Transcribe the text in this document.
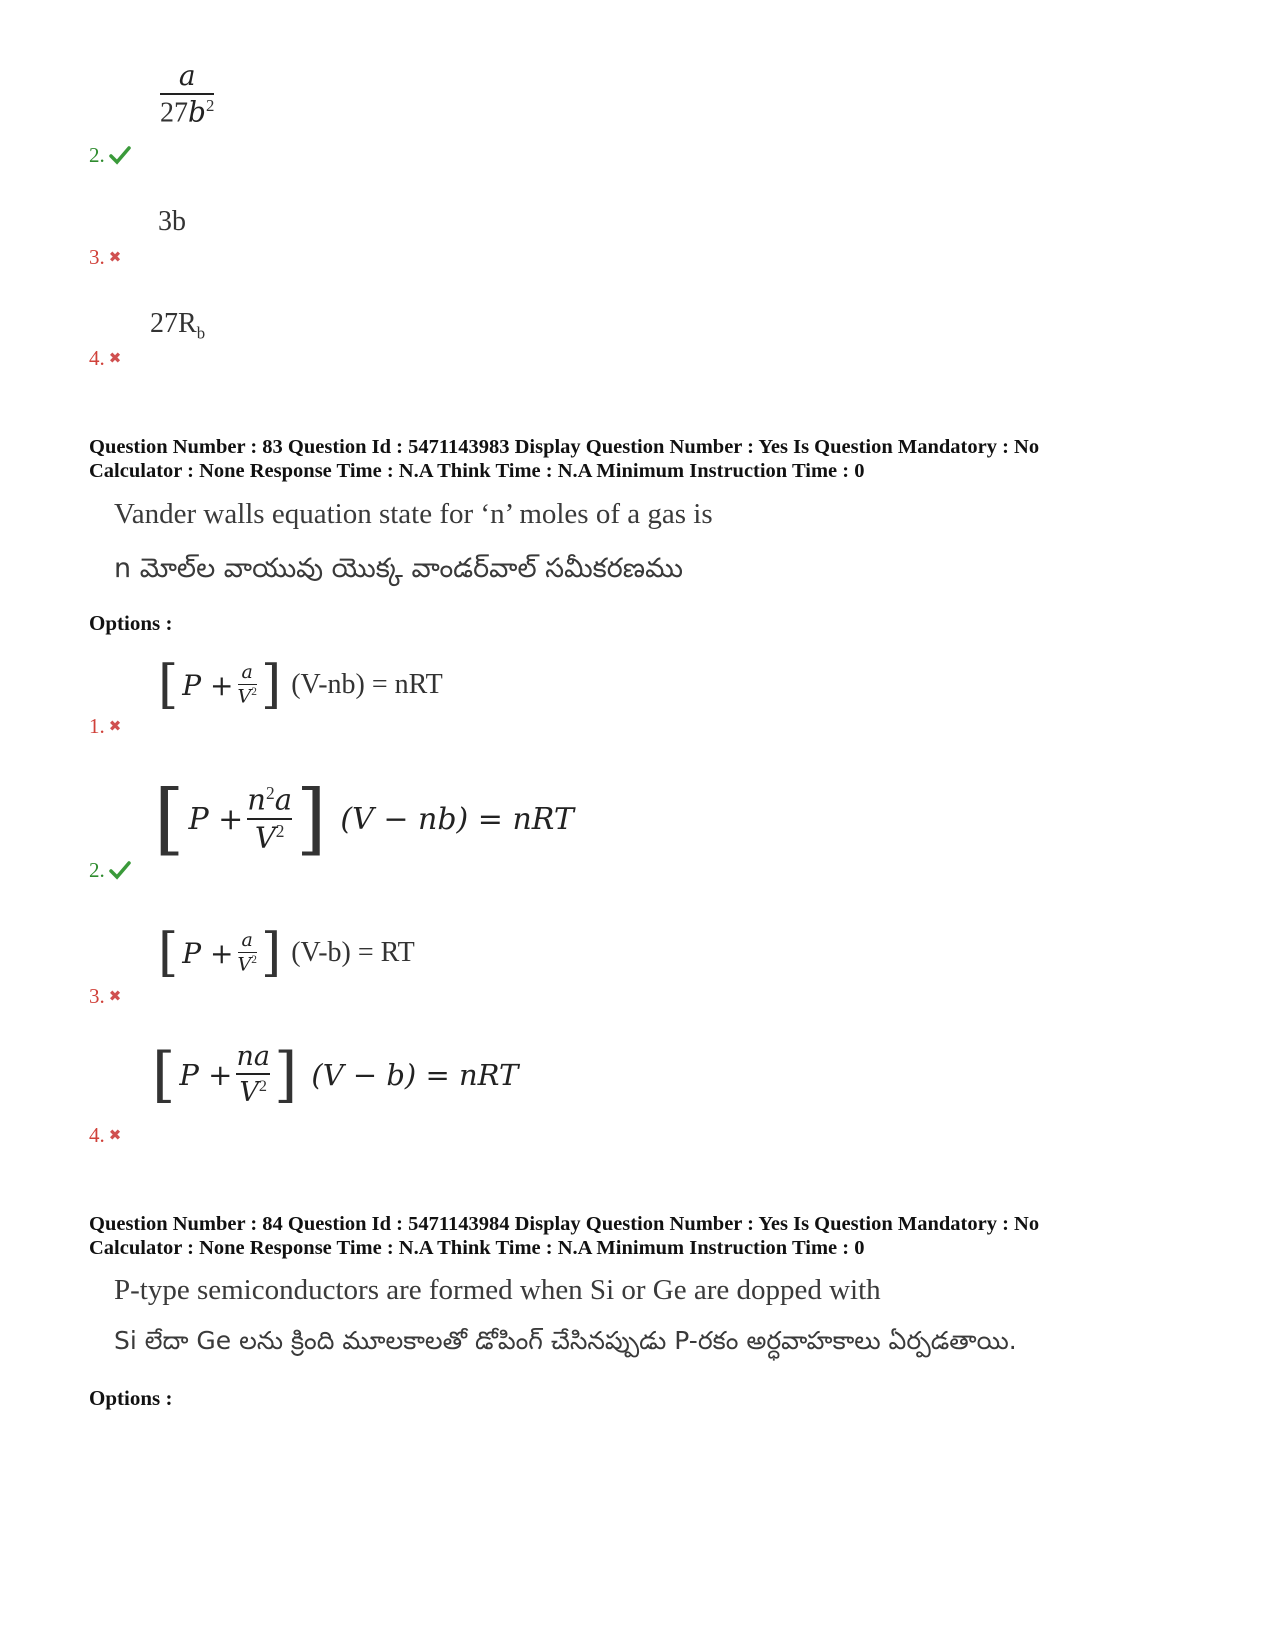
$\frac{a}{27b^2}$
2.
3b
3. ✖
$27R_b$
4. ✖
Question Number : 83 Question Id : 5471143983 Display Question Number : Yes Is Question Mandatory : No
Calculator : None Response Time : N.A Think Time : N.A Minimum Instruction Time : 0
Vander walls equation state for ‘n’ moles of a gas is
n మోల్‌ల వాయువు యొక్క వాండర్‌వాల్ సమీకరణము
Options :
[ $P + \frac{a}{V^2}$ ] (V-nb) = nRT
1. ✖
[ $P + \frac{n^2a}{V^2}$ ] (V − nb) = nRT
2.
[ $P + \frac{a}{V^2}$ ] (V-b) = RT
3. ✖
[ $P + \frac{na}{V^2}$ ] (V − b) = nRT
4. ✖
Question Number : 84 Question Id : 5471143984 Display Question Number : Yes Is Question Mandatory : No
Calculator : None Response Time : N.A Think Time : N.A Minimum Instruction Time : 0
P-type semiconductors are formed when Si or Ge are dopped with
Si లేదా Ge లను క్రింది మూలకాలతో డోపింగ్ చేసినప్పుడు P-రకం అర్ధవాహకాలు ఏర్పడతాయి.
Options :
